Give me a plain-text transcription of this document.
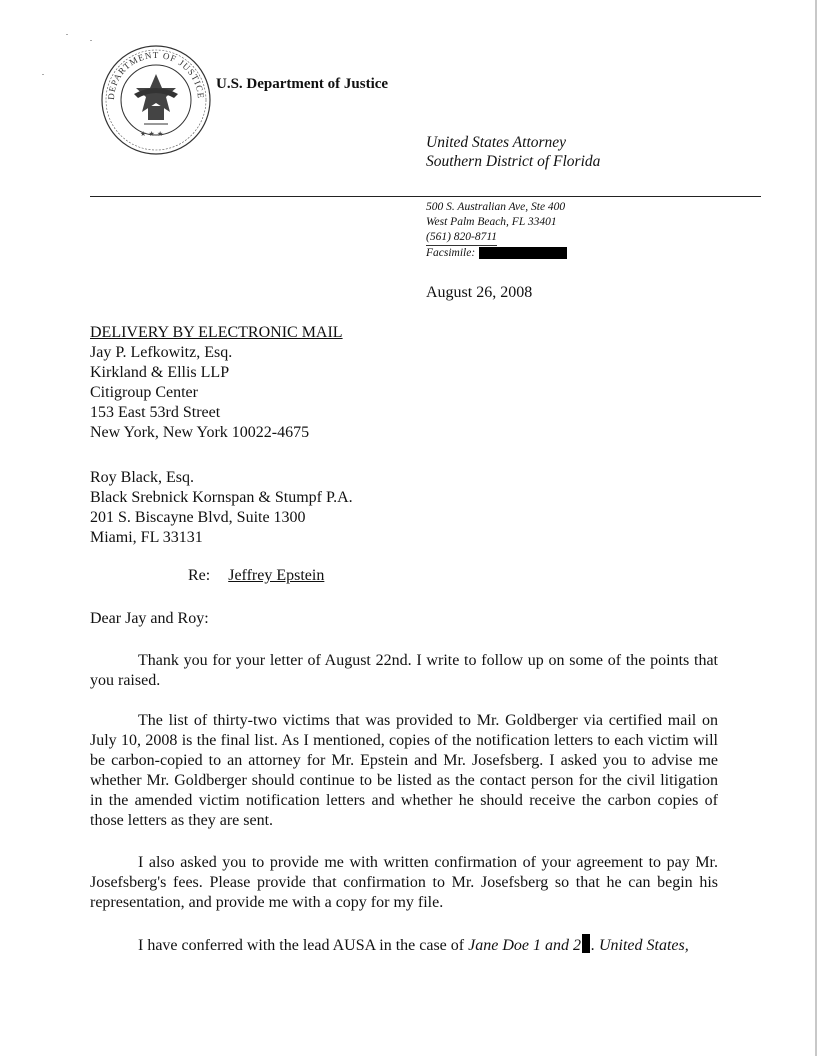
DEPARTMENT OF JUSTICE
★ ★ ★
U.S. Department of Justice
United States Attorney
Southern District of Florida
500 S. Australian Ave, Ste 400
West Palm Beach, FL 33401
(561) 820-8711
Facsimile:
August 26, 2008
DELIVERY BY ELECTRONIC MAIL
Jay P. Lefkowitz, Esq.
Kirkland & Ellis LLP
Citigroup Center
153 East 53rd Street
New York, New York 10022-4675
Roy Black, Esq.
Black Srebnick Kornspan & Stumpf P.A.
201 S. Biscayne Blvd, Suite 1300
Miami, FL 33131
Re: Jeffrey Epstein
Dear Jay and Roy:
Thank you for your letter of August 22nd. I write to follow up on some of the points that you raised.
The list of thirty-two victims that was provided to Mr. Goldberger via certified mail on July 10, 2008 is the final list. As I mentioned, copies of the notification letters to each victim will be carbon-copied to an attorney for Mr. Epstein and Mr. Josefsberg. I asked you to advise me whether Mr. Goldberger should continue to be listed as the contact person for the civil litigation in the amended victim notification letters and whether he should receive the carbon copies of those letters as they are sent.
I also asked you to provide me with written confirmation of your agreement to pay Mr. Josefsberg's fees. Please provide that confirmation to Mr. Josefsberg so that he can begin his representation, and provide me with a copy for my file.
I have conferred with the lead AUSA in the case of Jane Doe 1 and 2 . United States,
